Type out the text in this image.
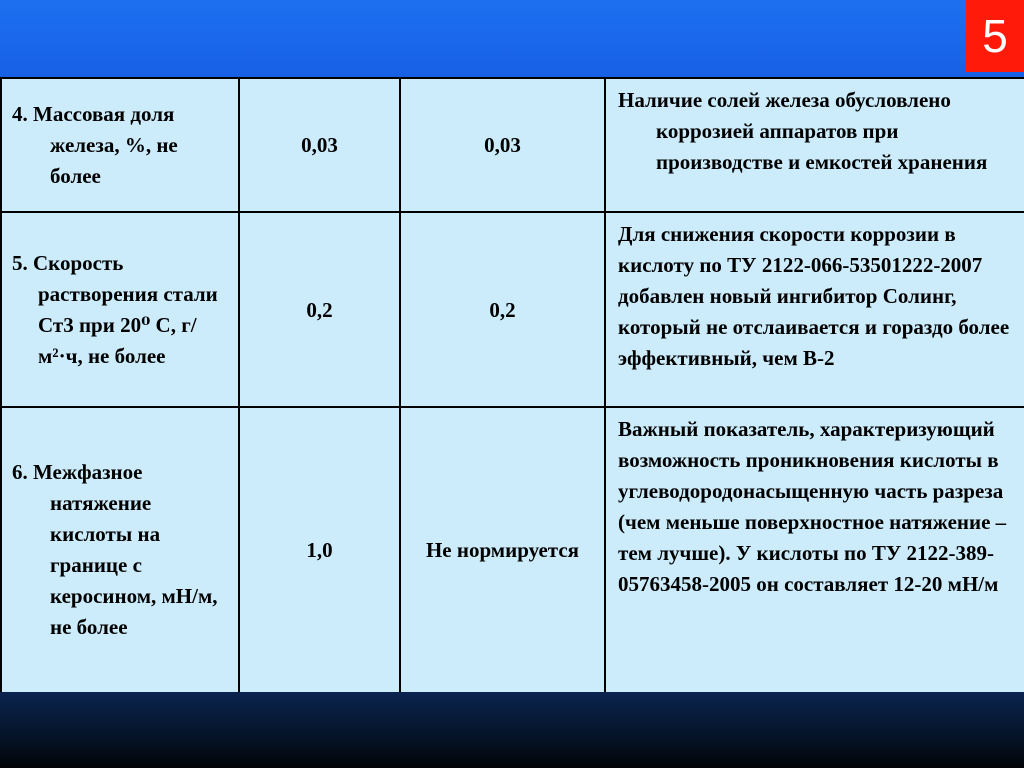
5
4. Массовая доля железа, %, не более	0,03	0,03	Наличие солей железа обусловлено коррозией аппаратов при производстве и емкостей хранения

5. Скорость растворения стали Ст3 при 20⁰ С, г/м²·ч, не более	0,2	0,2	Для снижения скорости коррозии в кислоту по ТУ 2122-066-53501222-2007 добавлен новый ингибитор Солинг, который не отслаивается и гораздо более эффективный, чем В-2

6. Межфазное натяжение кислоты на границе с керосином, мН/м, не более	1,0	Не нормируется	Важный показатель, характеризующий возможность проникновения кислоты в углеводородонасыщенную часть разреза (чем меньше поверхностное натяжение – тем лучше). У кислоты по ТУ 2122-389-05763458-2005 он составляет 12-20 мН/м
